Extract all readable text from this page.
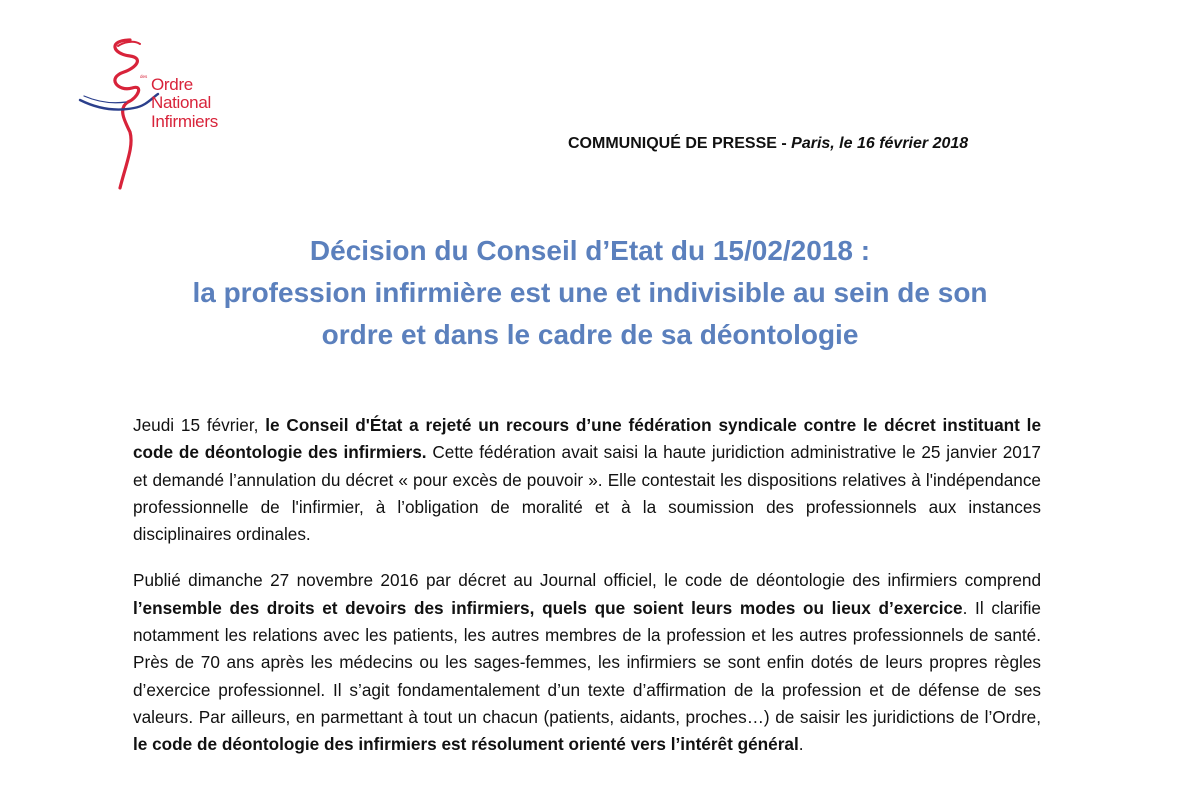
Ordre
National
Infirmiers
des
COMMUNIQUÉ DE PRESSE - Paris, le 16 février 2018
Décision du Conseil d’Etat du 15/02/2018 :
la profession infirmière est une et indivisible au sein de son
ordre et dans le cadre de sa déontologie

Jeudi 15 février, le Conseil d'État a rejeté un recours d’une fédération syndicale contre le décret instituant le code de déontologie des infirmiers. Cette fédération avait saisi la haute juridiction administrative le 25 janvier 2017 et demandé l’annulation du décret « pour excès de pouvoir ». Elle contestait les dispositions relatives à l'indépendance professionnelle de l'infirmier, à l’obligation de moralité et à la soumission des professionnels aux instances disciplinaires ordinales.

Publié dimanche 27 novembre 2016 par décret au Journal officiel, le code de déontologie des infirmiers comprend l’ensemble des droits et devoirs des infirmiers, quels que soient leurs modes ou lieux d’exercice. Il clarifie notamment les relations avec les patients, les autres membres de la profession et les autres professionnels de santé. Près de 70 ans après les médecins ou les sages-femmes, les infirmiers se sont enfin dotés de leurs propres règles d’exercice professionnel. Il s’agit fondamentalement d’un texte d’affirmation de la profession et de défense de ses valeurs. Par ailleurs, en parmettant à tout un chacun (patients, aidants, proches…) de saisir les juridictions de l’Ordre, le code de déontologie des infirmiers est résolument orienté vers l’intérêt général.
